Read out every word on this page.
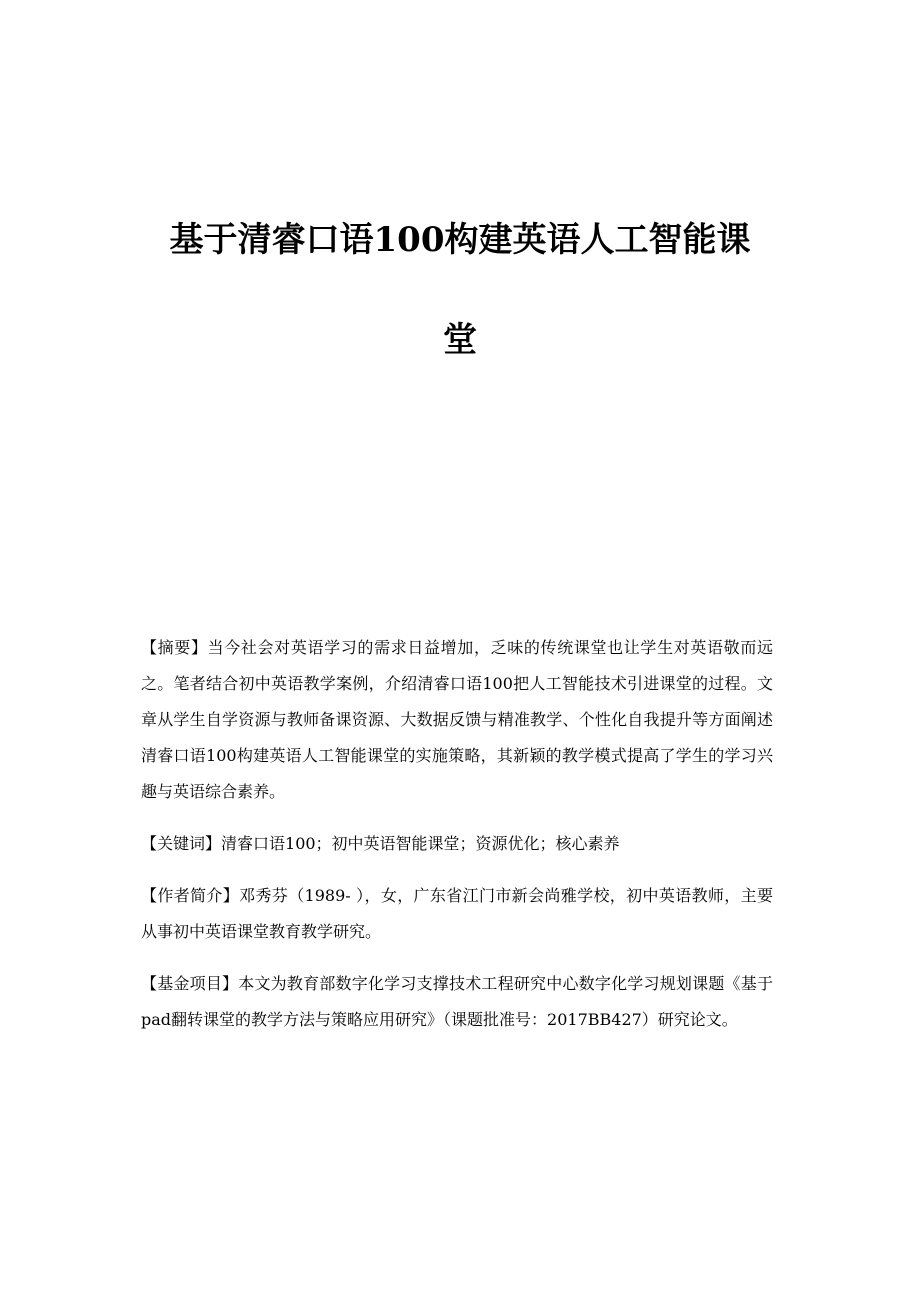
基于清睿口语100构建英语人工智能课
堂

【摘要】当今社会对英语学习的需求日益增加，乏味的传统课堂也让学生对英语敬而远之。笔者结合初中英语教学案例，介绍清睿口语100把人工智能技术引进课堂的过程。文章从学生自学资源与教师备课资源、大数据反馈与精准教学、个性化自我提升等方面阐述清睿口语100构建英语人工智能课堂的实施策略，其新颖的教学模式提高了学生的学习兴趣与英语综合素养。

【关键词】清睿口语100；初中英语智能课堂；资源优化；核心素养

【作者简介】邓秀芬（1989- ），女，广东省江门市新会尚雅学校，初中英语教师，主要从事初中英语课堂教育教学研究。

【基金项目】本文为教育部数字化学习支撑技术工程研究中心数字化学习规划课题《基于pad翻转课堂的教学方法与策略应用研究》（课题批准号：2017BB427）研究论文。
